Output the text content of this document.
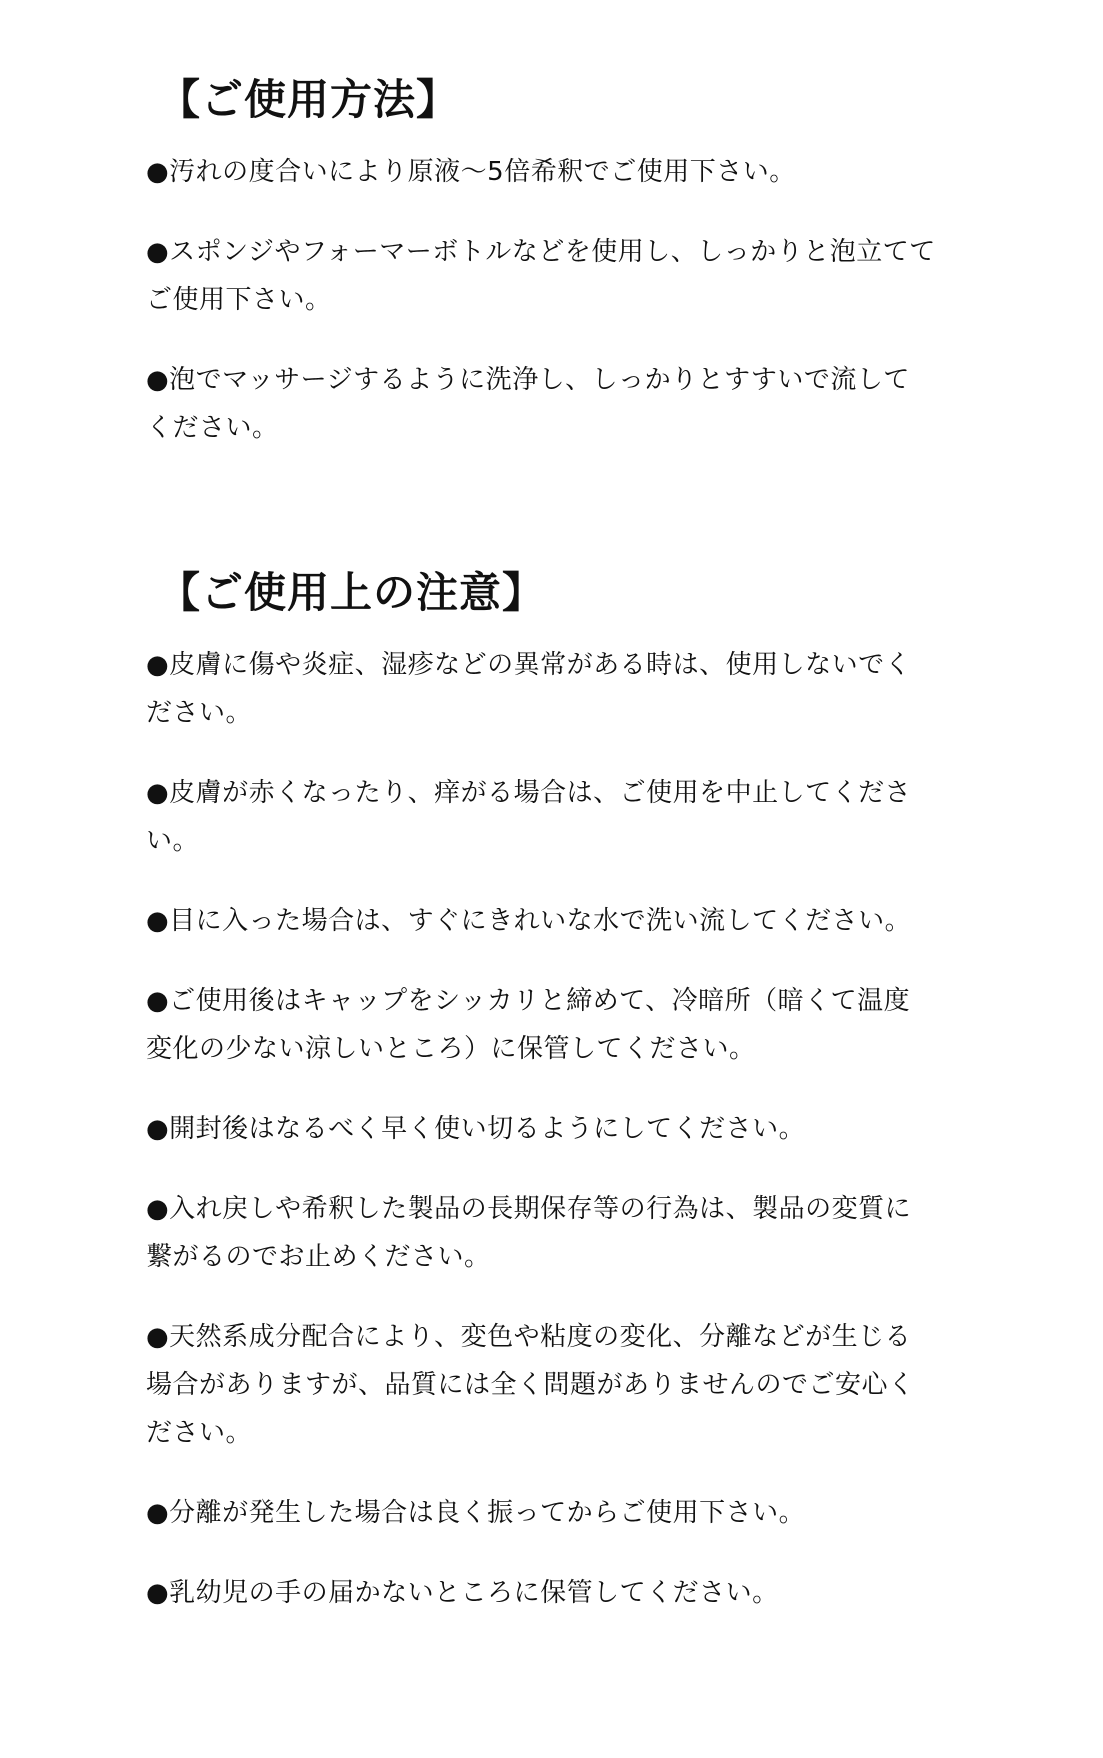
【ご使用方法】
●汚れの度合いにより原液〜5倍希釈でご使用下さい。
●スポンジやフォーマーボトルなどを使用し、しっかりと泡立ててご使用下さい。
●泡でマッサージするように洗浄し、しっかりとすすいで流してください。
【ご使用上の注意】
●皮膚に傷や炎症、湿疹などの異常がある時は、使用しないでください。
●皮膚が赤くなったり、痒がる場合は、ご使用を中止してください。
●目に入った場合は、すぐにきれいな水で洗い流してください。
●ご使用後はキャップをシッカリと締めて、冷暗所（暗くて温度変化の少ない涼しいところ）に保管してください。
●開封後はなるべく早く使い切るようにしてください。
●入れ戻しや希釈した製品の長期保存等の行為は、製品の変質に繋がるのでお止めください。
●天然系成分配合により、変色や粘度の変化、分離などが生じる場合がありますが、品質には全く問題がありませんのでご安心ください。
●分離が発生した場合は良く振ってからご使用下さい。
●乳幼児の手の届かないところに保管してください。
